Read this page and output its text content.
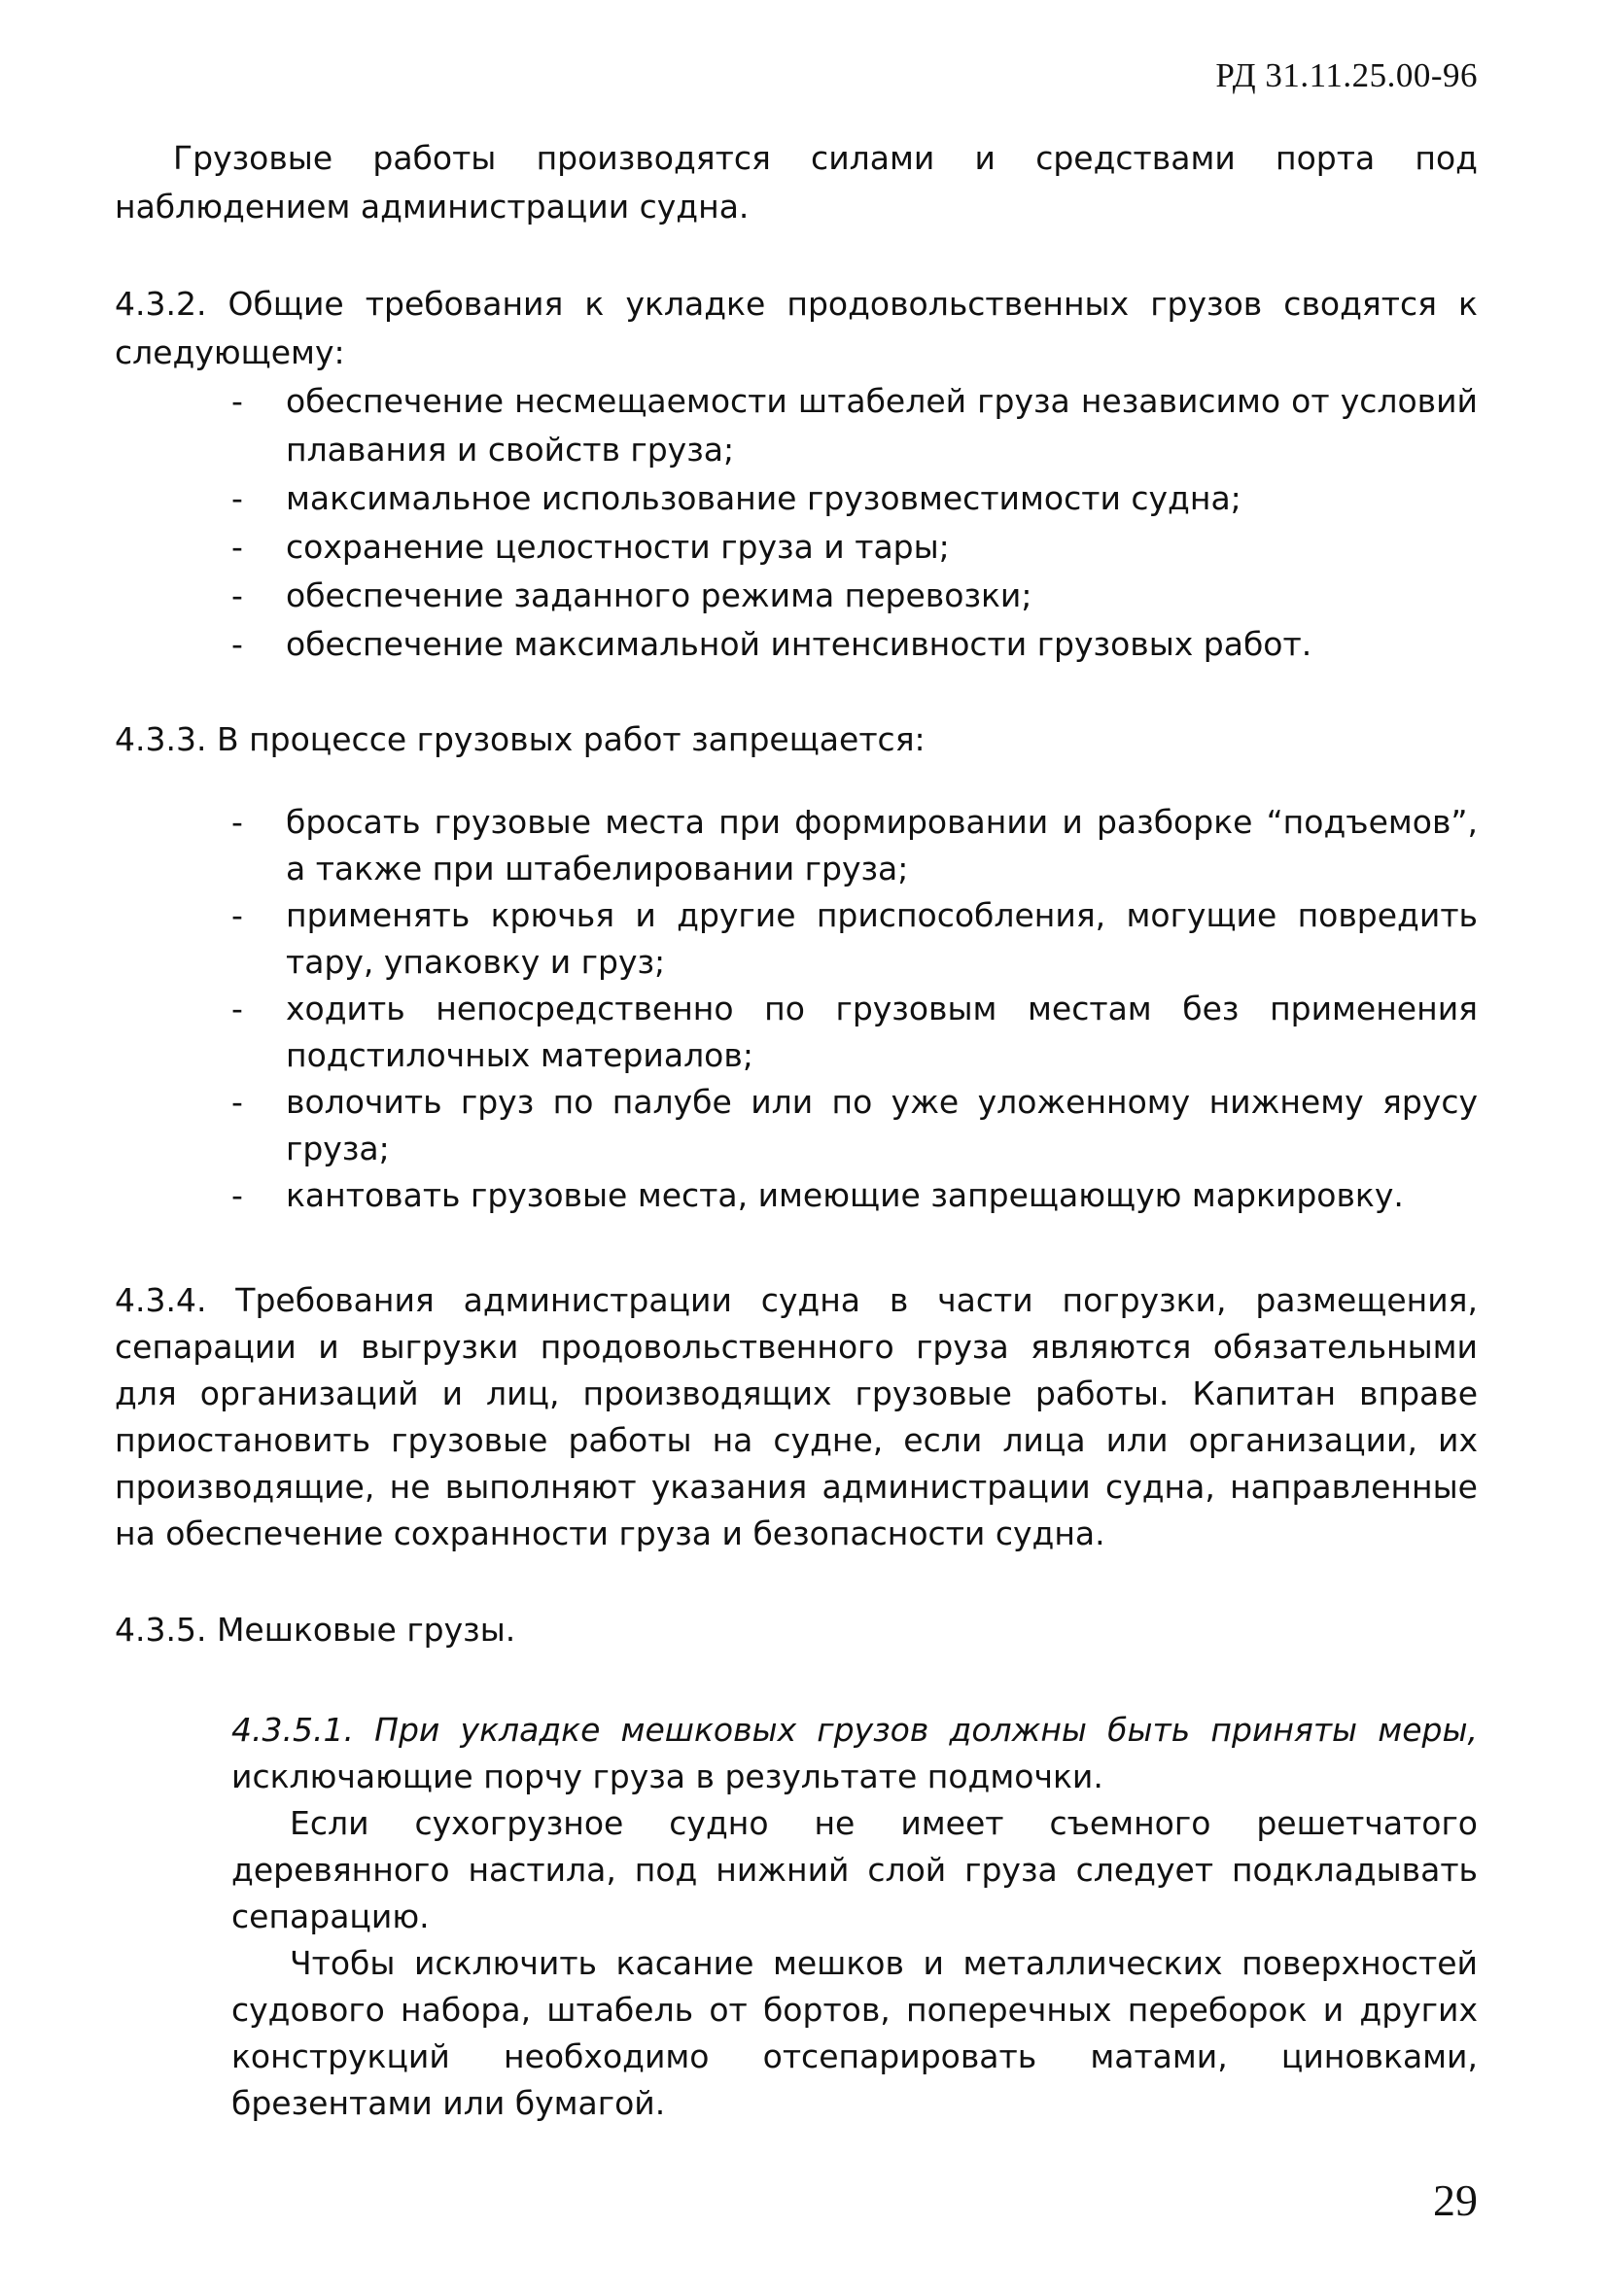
РД 31.11.25.00-96

Грузовые работы производятся силами и средствами порта под наблюдением администрации судна.

4.3.2. Общие требования к укладке продовольственных грузов сводятся к следующему:

- обеспечение несмещаемости штабелей груза независимо от условий плавания и свойств груза;

- максимальное использование грузовместимости судна;

- сохранение целостности груза и тары;

- обеспечение заданного режима перевозки;

- обеспечение максимальной интенсивности грузовых работ.

4.3.3. В процессе грузовых работ запрещается:

- бросать грузовые места при формировании и разборке “подъемов”, а также при штабелировании груза;

- применять крючья и другие приспособления, могущие повредить тару, упаковку и груз;

- ходить непосредственно по грузовым местам без применения подстилочных материалов;

- волочить груз по палубе или по уже уложенному нижнему ярусу груза;

- кантовать грузовые места, имеющие запрещающую маркировку.

4.3.4. Требования администрации судна в части погрузки, размещения, сепарации и выгрузки продовольственного груза являются обязательными для организаций и лиц, производящих грузовые работы. Капитан вправе приостановить грузовые работы на судне, если лица или организации, их производящие, не выполняют указания администрации судна, направленные на обеспечение сохранности груза и безопасности судна.

4.3.5. Мешковые грузы.

4.3.5.1. При укладке мешковых грузов должны быть приняты меры, исключающие порчу груза в результате подмочки.

Если сухогрузное судно не имеет съемного решетчатого деревянного настила, под нижний слой груза следует подкладывать сепарацию.

Чтобы исключить касание мешков и металлических поверхностей судового набора, штабель от бортов, поперечных переборок и других конструкций необходимо отсепарировать матами, циновками, брезентами или бумагой.

29
